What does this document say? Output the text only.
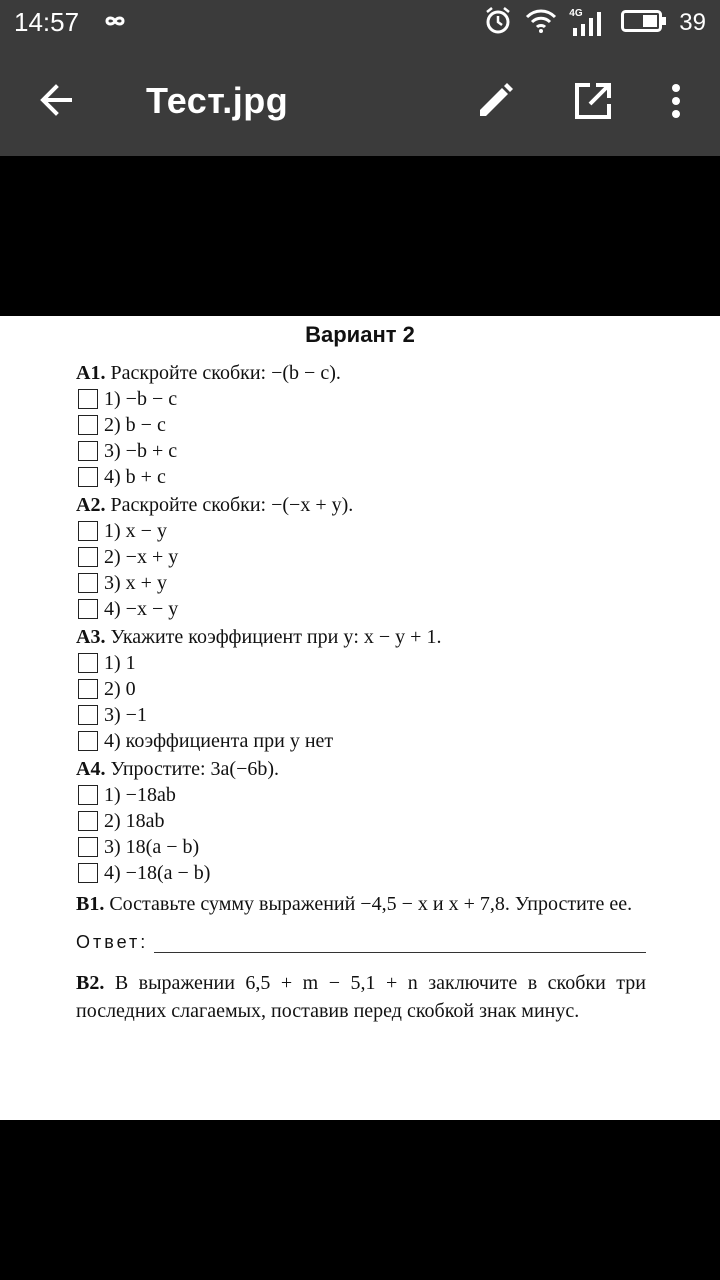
14:57	4G	39
Тест.jpg
Вариант 2

А1. Раскройте скобки: −(b − c).

1) −b − c
2) b − c
3) −b + c
4) b + c

А2. Раскройте скобки: −(−x + y).

1) x − y
2) −x + y
3) x + y
4) −x − y

А3. Укажите коэффициент при y: x − y + 1.

1) 1
2) 0
3) −1
4) коэффициента при y нет

А4. Упростите: 3a(−6b).

1) −18ab
2) 18ab
3) 18(a − b)
4) −18(a − b)

В1. Составьте сумму выражений −4,5 − x и x + 7,8. Упростите ее.

Ответ:

В2. В выражении 6,5 + m − 5,1 + n заключите в скобки три последних слагаемых, поставив перед скобкой знак минус.
